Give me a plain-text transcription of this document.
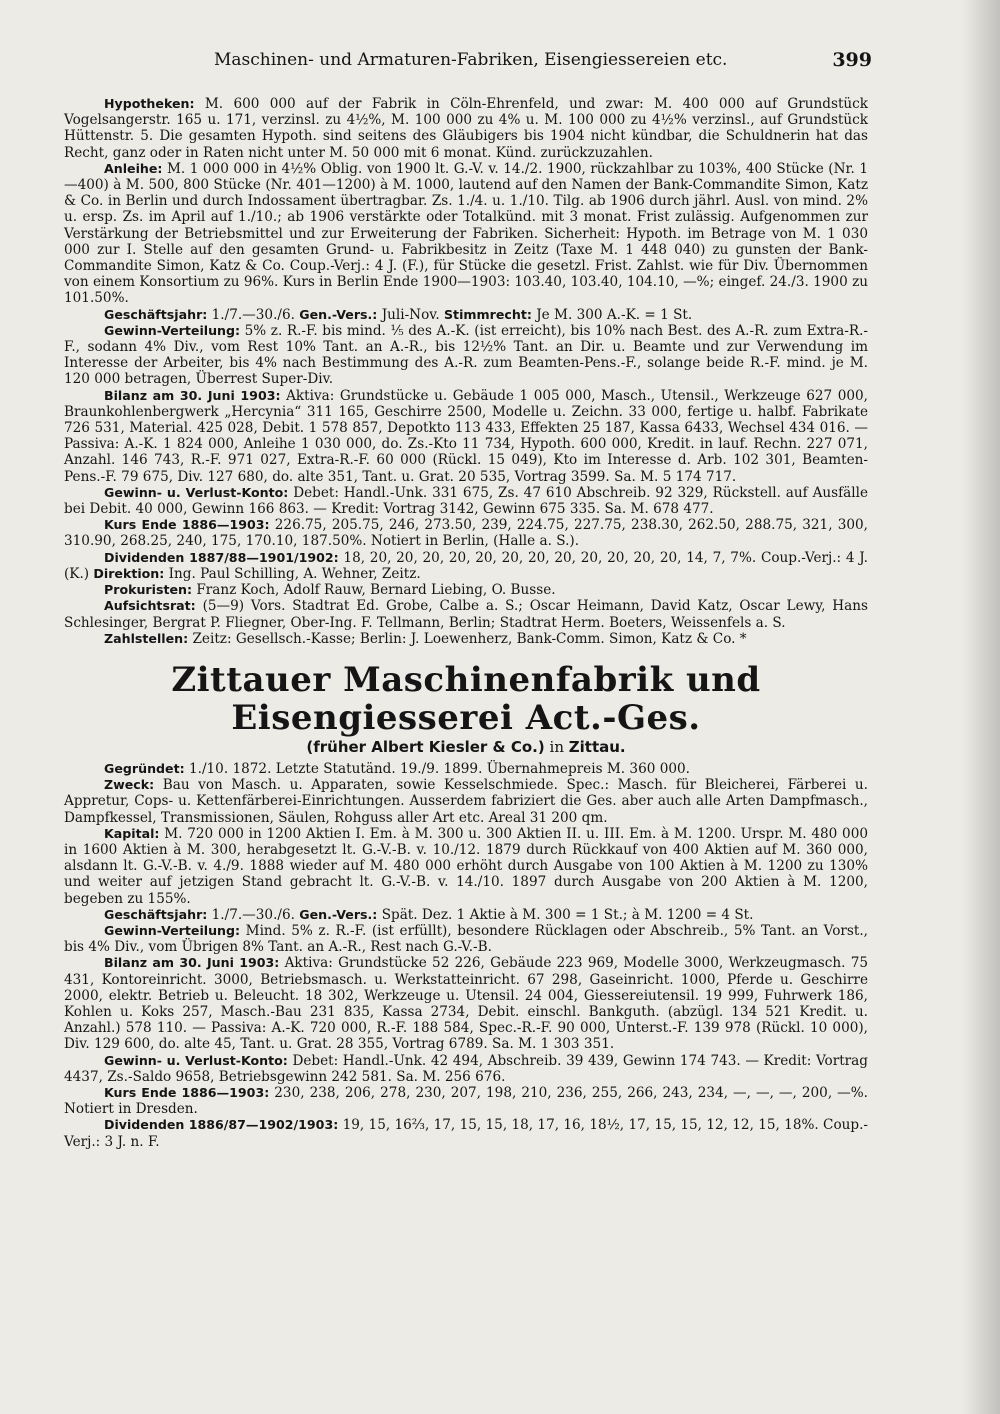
Maschinen- und Armaturen-Fabriken, Eisengiessereien etc.	399

Hypotheken: M. 600 000 auf der Fabrik in Cöln-Ehrenfeld, und zwar: M. 400 000 auf Grundstück Vogelsangerstr. 165 u. 171, verzinsl. zu 4½%, M. 100 000 zu 4% u. M. 100 000 zu 4½% verzinsl., auf Grundstück Hüttenstr. 5. Die gesamten Hypoth. sind seitens des Gläubigers bis 1904 nicht kündbar, die Schuldnerin hat das Recht, ganz oder in Raten nicht unter M. 50 000 mit 6 monat. Künd. zurückzuzahlen.

Anleihe: M. 1 000 000 in 4½% Oblig. von 1900 lt. G.-V. v. 14./2. 1900, rückzahlbar zu 103%, 400 Stücke (Nr. 1—400) à M. 500, 800 Stücke (Nr. 401—1200) à M. 1000, lautend auf den Namen der Bank-Commandite Simon, Katz & Co. in Berlin und durch Indossament übertragbar. Zs. 1./4. u. 1./10. Tilg. ab 1906 durch jährl. Ausl. von mind. 2% u. ersp. Zs. im April auf 1./10.; ab 1906 verstärkte oder Totalkünd. mit 3 monat. Frist zulässig. Aufgenommen zur Verstärkung der Betriebsmittel und zur Erweiterung der Fabriken. Sicherheit: Hypoth. im Betrage von M. 1 030 000 zur I. Stelle auf den gesamten Grund- u. Fabrikbesitz in Zeitz (Taxe M. 1 448 040) zu gunsten der Bank-Commandite Simon, Katz & Co. Coup.-Verj.: 4 J. (F.), für Stücke die gesetzl. Frist. Zahlst. wie für Div. Übernommen von einem Konsortium zu 96%. Kurs in Berlin Ende 1900—1903: 103.40, 103.40, 104.10, —%; eingef. 24./3. 1900 zu 101.50%.

Geschäftsjahr: 1./7.—30./6. Gen.-Vers.: Juli-Nov. Stimmrecht: Je M. 300 A.-K. = 1 St.

Gewinn-Verteilung: 5% z. R.-F. bis mind. ⅕ des A.-K. (ist erreicht), bis 10% nach Best. des A.-R. zum Extra-R.-F., sodann 4% Div., vom Rest 10% Tant. an A.-R., bis 12½% Tant. an Dir. u. Beamte und zur Verwendung im Interesse der Arbeiter, bis 4% nach Bestimmung des A.-R. zum Beamten-Pens.-F., solange beide R.-F. mind. je M. 120 000 betragen, Überrest Super-Div.

Bilanz am 30. Juni 1903: Aktiva: Grundstücke u. Gebäude 1 005 000, Masch., Utensil., Werkzeuge 627 000, Braunkohlenbergwerk „Hercynia“ 311 165, Geschirre 2500, Modelle u. Zeichn. 33 000, fertige u. halbf. Fabrikate 726 531, Material. 425 028, Debit. 1 578 857, Depotkto 113 433, Effekten 25 187, Kassa 6433, Wechsel 434 016. — Passiva: A.-K. 1 824 000, Anleihe 1 030 000, do. Zs.-Kto 11 734, Hypoth. 600 000, Kredit. in lauf. Rechn. 227 071, Anzahl. 146 743, R.-F. 971 027, Extra-R.-F. 60 000 (Rückl. 15 049), Kto im Interesse d. Arb. 102 301, Beamten-Pens.-F. 79 675, Div. 127 680, do. alte 351, Tant. u. Grat. 20 535, Vortrag 3599. Sa. M. 5 174 717.

Gewinn- u. Verlust-Konto: Debet: Handl.-Unk. 331 675, Zs. 47 610 Abschreib. 92 329, Rückstell. auf Ausfälle bei Debit. 40 000, Gewinn 166 863. — Kredit: Vortrag 3142, Gewinn 675 335. Sa. M. 678 477.

Kurs Ende 1886—1903: 226.75, 205.75, 246, 273.50, 239, 224.75, 227.75, 238.30, 262.50, 288.75, 321, 300, 310.90, 268.25, 240, 175, 170.10, 187.50%. Notiert in Berlin, (Halle a. S.).

Dividenden 1887/88—1901/1902: 18, 20, 20, 20, 20, 20, 20, 20, 20, 20, 20, 20, 20, 14, 7, 7%. Coup.-Verj.: 4 J. (K.) Direktion: Ing. Paul Schilling, A. Wehner, Zeitz.

Prokuristen: Franz Koch, Adolf Rauw, Bernard Liebing, O. Busse.

Aufsichtsrat: (5—9) Vors. Stadtrat Ed. Grobe, Calbe a. S.; Oscar Heimann, David Katz, Oscar Lewy, Hans Schlesinger, Bergrat P. Fliegner, Ober-Ing. F. Tellmann, Berlin; Stadtrat Herm. Boeters, Weissenfels a. S.

Zahlstellen: Zeitz: Gesellsch.-Kasse; Berlin: J. Loewenherz, Bank-Comm. Simon, Katz & Co. *

Zittauer Maschinenfabrik und Eisengiesserei Act.-Ges.
(früher Albert Kiesler & Co.) in Zittau.

Gegründet: 1./10. 1872. Letzte Statutänd. 19./9. 1899. Übernahmepreis M. 360 000.

Zweck: Bau von Masch. u. Apparaten, sowie Kesselschmiede. Spec.: Masch. für Bleicherei, Färberei u. Appretur, Cops- u. Kettenfärberei-Einrichtungen. Ausserdem fabriziert die Ges. aber auch alle Arten Dampfmasch., Dampfkessel, Transmissionen, Säulen, Rohguss aller Art etc. Areal 31 200 qm.

Kapital: M. 720 000 in 1200 Aktien I. Em. à M. 300 u. 300 Aktien II. u. III. Em. à M. 1200. Urspr. M. 480 000 in 1600 Aktien à M. 300, herabgesetzt lt. G.-V.-B. v. 10./12. 1879 durch Rückkauf von 400 Aktien auf M. 360 000, alsdann lt. G.-V.-B. v. 4./9. 1888 wieder auf M. 480 000 erhöht durch Ausgabe von 100 Aktien à M. 1200 zu 130% und weiter auf jetzigen Stand gebracht lt. G.-V.-B. v. 14./10. 1897 durch Ausgabe von 200 Aktien à M. 1200, begeben zu 155%.

Geschäftsjahr: 1./7.—30./6. Gen.-Vers.: Spät. Dez. 1 Aktie à M. 300 = 1 St.; à M. 1200 = 4 St.

Gewinn-Verteilung: Mind. 5% z. R.-F. (ist erfüllt), besondere Rücklagen oder Abschreib., 5% Tant. an Vorst., bis 4% Div., vom Übrigen 8% Tant. an A.-R., Rest nach G.-V.-B.

Bilanz am 30. Juni 1903: Aktiva: Grundstücke 52 226, Gebäude 223 969, Modelle 3000, Werkzeugmasch. 75 431, Kontoreinricht. 3000, Betriebsmasch. u. Werkstatteinricht. 67 298, Gaseinricht. 1000, Pferde u. Geschirre 2000, elektr. Betrieb u. Beleucht. 18 302, Werkzeuge u. Utensil. 24 004, Giessereiutensil. 19 999, Fuhrwerk 186, Kohlen u. Koks 257, Masch.-Bau 231 835, Kassa 2734, Debit. einschl. Bankguth. (abzügl. 134 521 Kredit. u. Anzahl.) 578 110. — Passiva: A.-K. 720 000, R.-F. 188 584, Spec.-R.-F. 90 000, Unterst.-F. 139 978 (Rückl. 10 000), Div. 129 600, do. alte 45, Tant. u. Grat. 28 355, Vortrag 6789. Sa. M. 1 303 351.

Gewinn- u. Verlust-Konto: Debet: Handl.-Unk. 42 494, Abschreib. 39 439, Gewinn 174 743. — Kredit: Vortrag 4437, Zs.-Saldo 9658, Betriebsgewinn 242 581. Sa. M. 256 676.

Kurs Ende 1886—1903: 230, 238, 206, 278, 230, 207, 198, 210, 236, 255, 266, 243, 234, —, —, —, 200, —%. Notiert in Dresden.

Dividenden 1886/87—1902/1903: 19, 15, 16⅔, 17, 15, 15, 18, 17, 16, 18½, 17, 15, 15, 12, 12, 15, 18%. Coup.-Verj.: 3 J. n. F.
